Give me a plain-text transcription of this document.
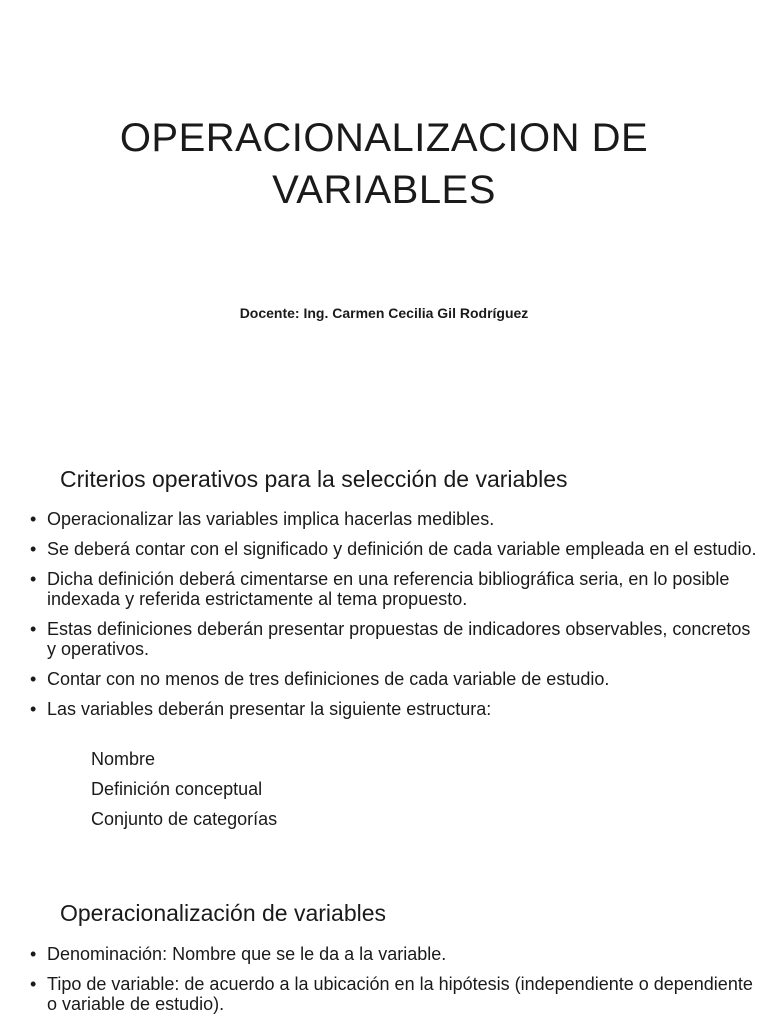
OPERACIONALIZACION DE
VARIABLES
Docente: Ing. Carmen Cecilia Gil Rodríguez
Criterios operativos para la selección de variables
• Operacionalizar las variables implica hacerlas medibles.
• Se deberá contar con el significado y definición de cada variable empleada en el estudio.
• Dicha definición deberá cimentarse en una referencia bibliográfica seria, en lo posible indexada y referida estrictamente al tema propuesto.
• Estas definiciones deberán presentar propuestas de indicadores observables, concretos y operativos.
• Contar con no menos de tres definiciones de cada variable de estudio.
• Las variables deberán presentar la siguiente estructura:
Nombre
Definición conceptual
Conjunto de categorías
Operacionalización de variables
• Denominación: Nombre que se le da a la variable.
• Tipo de variable: de acuerdo a la ubicación en la hipótesis (independiente o dependiente o variable de estudio).
